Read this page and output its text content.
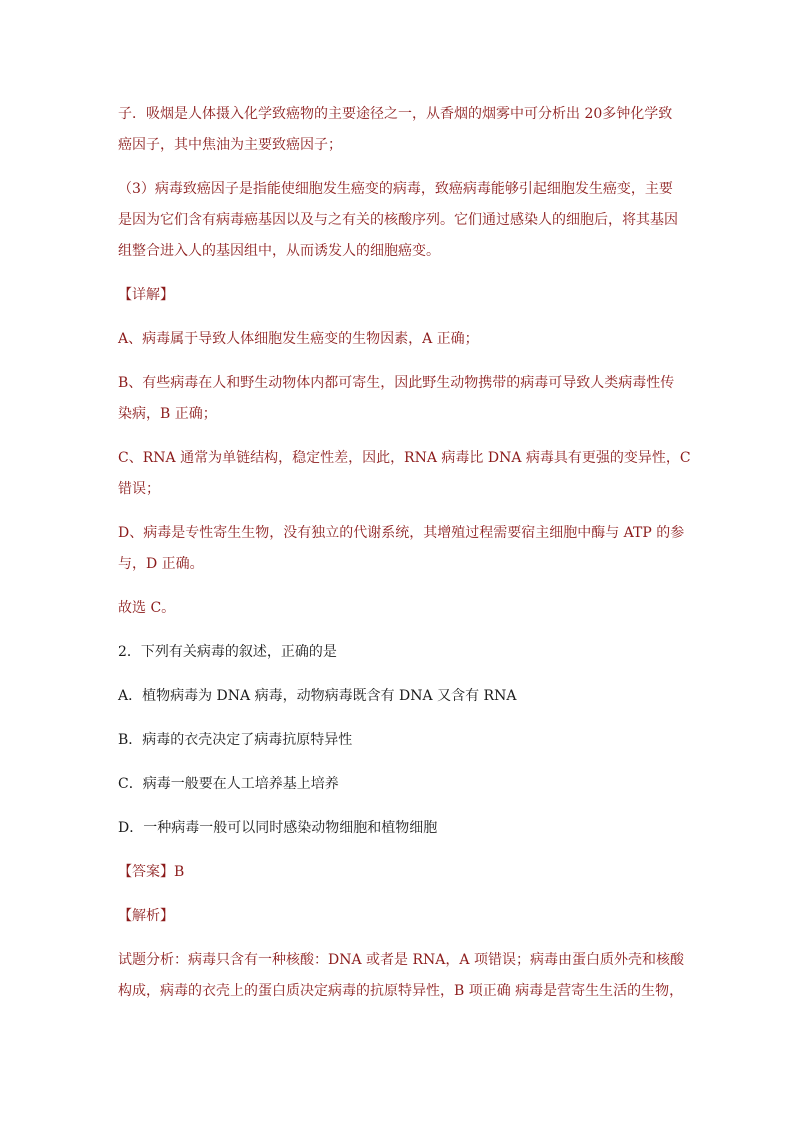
子．吸烟是人体摄入化学致癌物的主要途径之一，从香烟的烟雾中可分析出 20多钟化学致
癌因子，其中焦油为主要致癌因子；
（3）病毒致癌因子是指能使细胞发生癌变的病毒，致癌病毒能够引起细胞发生癌变，主要
是因为它们含有病毒癌基因以及与之有关的核酸序列。它们通过感染人的细胞后，将其基因
组整合进入人的基因组中，从而诱发人的细胞癌变。
【详解】
A、病毒属于导致人体细胞发生癌变的生物因素，A 正确；
B、有些病毒在人和野生动物体内都可寄生，因此野生动物携带的病毒可导致人类病毒性传
染病，B 正确；
C、RNA 通常为单链结构，稳定性差，因此，RNA 病毒比 DNA 病毒具有更强的变异性，C
错误；
D、病毒是专性寄生生物，没有独立的代谢系统，其增殖过程需要宿主细胞中酶与 ATP 的参
与，D 正确。
故选 C。
2．下列有关病毒的叙述，正确的是
A．植物病毒为 DNA 病毒，动物病毒既含有 DNA 又含有 RNA
B．病毒的衣壳决定了病毒抗原特异性
C．病毒一般要在人工培养基上培养
D．一种病毒一般可以同时感染动物细胞和植物细胞
【答案】B
【解析】
试题分析：病毒只含有一种核酸：DNA 或者是 RNA，A 项错误；病毒由蛋白质外壳和核酸
构成，病毒的衣壳上的蛋白质决定病毒的抗原特异性，B 项正确 病毒是营寄生生活的生物，
